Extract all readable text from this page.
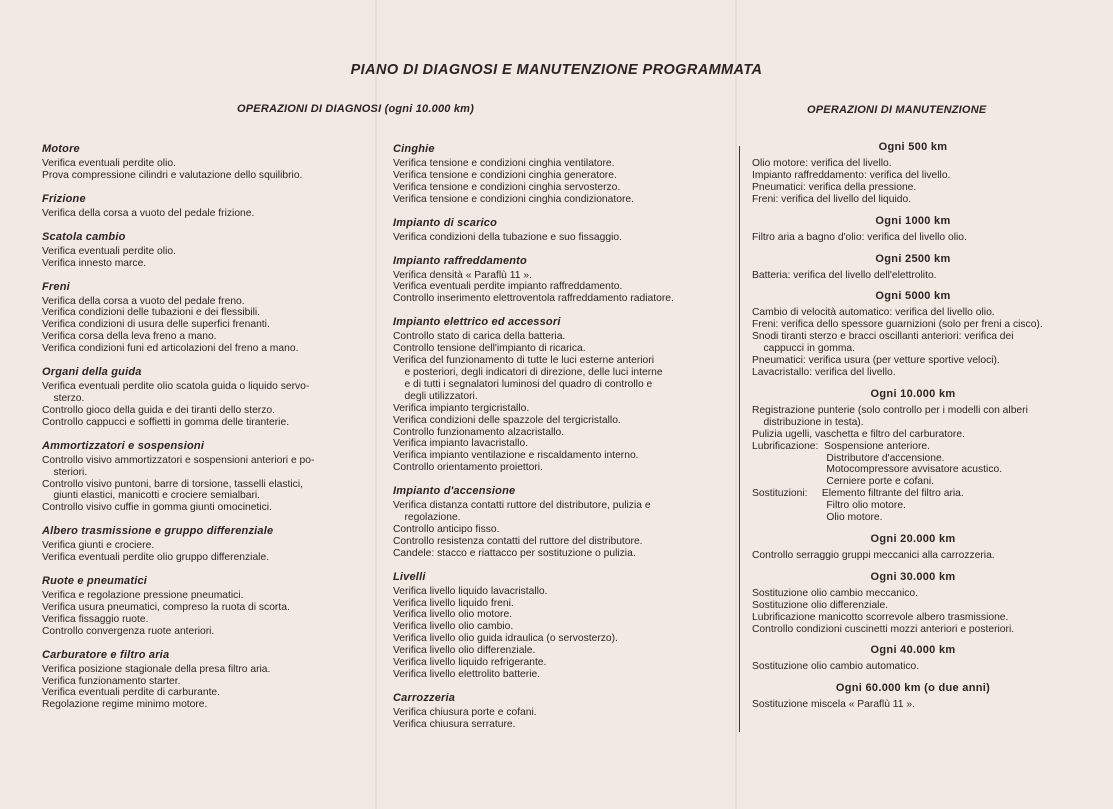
PIANO DI DIAGNOSI E MANUTENZIONE PROGRAMMATA
OPERAZIONI DI DIAGNOSI (ogni 10.000 km)	OPERAZIONI DI MANUTENZIONE
Motore
Verifica eventuali perdite olio.
Prova compressione cilindri e valutazione dello squilibrio.
Frizione
Verifica della corsa a vuoto del pedale frizione.
Scatola cambio
Verifica eventuali perdite olio.
Verifica innesto marce.
Freni
Verifica della corsa a vuoto del pedale freno.
Verifica condizioni delle tubazioni e dei flessibili.
Verifica condizioni di usura delle superfici frenanti.
Verifica corsa della leva freno a mano.
Verifica condizioni funi ed articolazioni del freno a mano.
Organi della guida
Verifica eventuali perdite olio scatola guida o liquido servo-
sterzo.
Controllo gioco della guida e dei tiranti dello sterzo.
Controllo cappucci e soffietti in gomma delle tiranterie.
Ammortizzatori e sospensioni
Controllo visivo ammortizzatori e sospensioni anteriori e po-
steriori.
Controllo visivo puntoni, barre di torsione, tasselli elastici,
giunti elastici, manicotti e crociere semialbari.
Controllo visivo cuffie in gomma giunti omocinetici.
Albero trasmissione e gruppo differenziale
Verifica giunti e crociere.
Verifica eventuali perdite olio gruppo differenziale.
Ruote e pneumatici
Verifica e regolazione pressione pneumatici.
Verifica usura pneumatici, compreso la ruota di scorta.
Verifica fissaggio ruote.
Controllo convergenza ruote anteriori.
Carburatore e filtro aria
Verifica posizione stagionale della presa filtro aria.
Verifica funzionamento starter.
Verifica eventuali perdite di carburante.
Regolazione regime minimo motore.
Cinghie
Verifica tensione e condizioni cinghia ventilatore.
Verifica tensione e condizioni cinghia generatore.
Verifica tensione e condizioni cinghia servosterzo.
Verifica tensione e condizioni cinghia condizionatore.
Impianto di scarico
Verifica condizioni della tubazione e suo fissaggio.
Impianto raffreddamento
Verifica densità « Paraflù 11 ».
Verifica eventuali perdite impianto raffreddamento.
Controllo inserimento elettroventola raffreddamento radiatore.
Impianto elettrico ed accessori
Controllo stato di carica della batteria.
Controllo tensione dell'impianto di ricarica.
Verifica del funzionamento di tutte le luci esterne anteriori
e posteriori, degli indicatori di direzione, delle luci interne
e di tutti i segnalatori luminosi del quadro di controllo e
degli utilizzatori.
Verifica impianto tergicristallo.
Verifica condizioni delle spazzole del tergicristallo.
Controllo funzionamento alzacristallo.
Verifica impianto lavacristallo.
Verifica impianto ventilazione e riscaldamento interno.
Controllo orientamento proiettori.
Impianto d'accensione
Verifica distanza contatti ruttore del distributore, pulizia e
regolazione.
Controllo anticipo fisso.
Controllo resistenza contatti del ruttore del distributore.
Candele: stacco e riattacco per sostituzione o pulizia.
Livelli
Verifica livello liquido lavacristallo.
Verifica livello liquido freni.
Verifica livello olio motore.
Verifica livello olio cambio.
Verifica livello olio guida idraulica (o servosterzo).
Verifica livello olio differenziale.
Verifica livello liquido refrigerante.
Verifica livello elettrolito batterie.
Carrozzeria
Verifica chiusura porte e cofani.
Verifica chiusura serrature.
Ogni 500 km
Olio motore: verifica del livello.
Impianto raffreddamento: verifica del livello.
Pneumatici: verifica della pressione.
Freni: verifica del livello del liquido.
Ogni 1000 km
Filtro aria a bagno d'olio: verifica del livello olio.
Ogni 2500 km
Batteria: verifica del livello dell'elettrolito.
Ogni 5000 km
Cambio di velocità automatico: verifica del livello olio.
Freni: verifica dello spessore guarnizioni (solo per freni a cisco).
Snodi tiranti sterzo e bracci oscillanti anteriori: verifica dei
cappucci in gomma.
Pneumatici: verifica usura (per vetture sportive veloci).
Lavacristallo: verifica del livello.
Ogni 10.000 km
Registrazione punterie (solo controllo per i modelli con alberi
distribuzione in testa).
Pulizia ugelli, vaschetta e filtro del carburatore.
Lubrificazione:  Sospensione anteriore.
Distributore d'accensione.
Motocompressore avvisatore acustico.
Cerniere porte e cofani.
Sostituzioni:     Elemento filtrante del filtro aria.
Filtro olio motore.
Olio motore.
Ogni 20.000 km
Controllo serraggio gruppi meccanici alla carrozzeria.
Ogni 30.000 km
Sostituzione olio cambio meccanico.
Sostituzione olio differenziale.
Lubrificazione manicotto scorrevole albero trasmissione.
Controllo condizioni cuscinetti mozzi anteriori e posteriori.
Ogni 40.000 km
Sostituzione olio cambio automatico.
Ogni 60.000 km (o due anni)
Sostituzione miscela « Paraflù 11 ».
